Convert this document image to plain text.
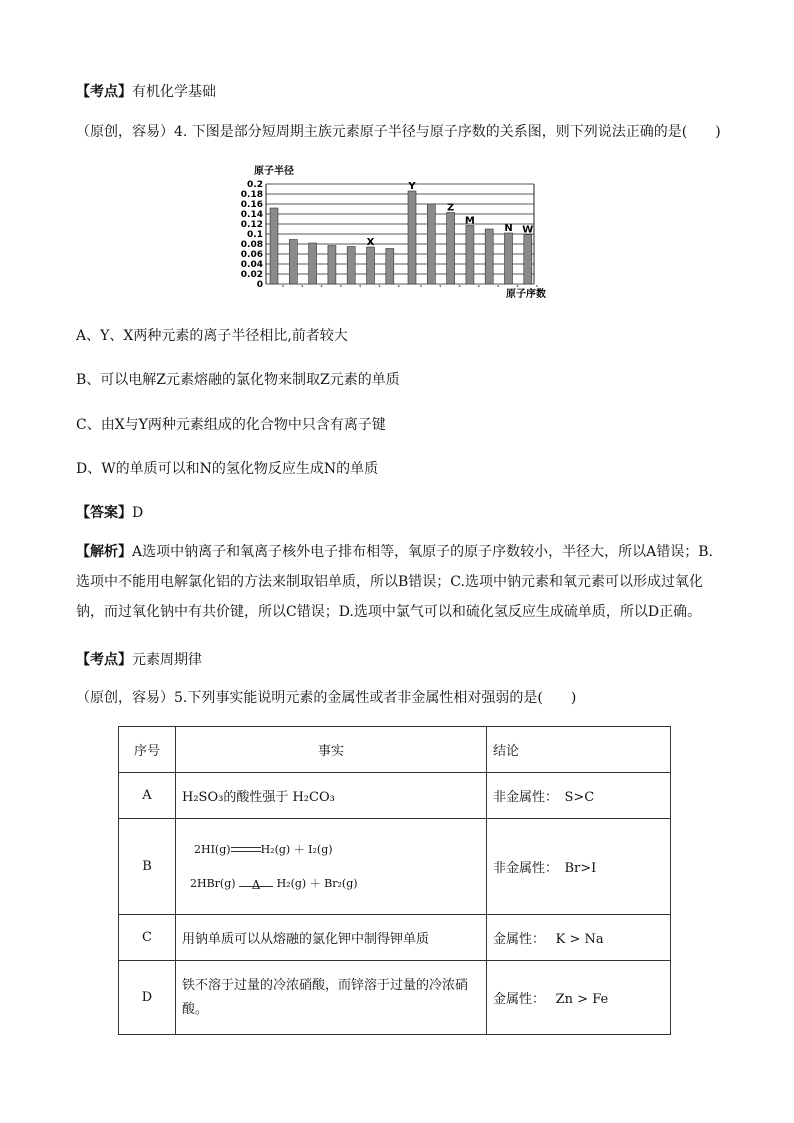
【考点】有机化学基础
（原创，容易）4. 下图是部分短周期主族元素原子半径与原子序数的关系图，则下列说法正确的是(　　)
0
0.02
0.04
0.06
0.08
0.1
0.12
0.14
0.16
0.18
0.2
X
Y
Z
M
N W
原子半径
原子序数
A、Y、X两种元素的离子半径相比,前者较大
B、可以电解Z元素熔融的氯化物来制取Z元素的单质
C、由X与Y两种元素组成的化合物中只含有离子键
D、W的单质可以和N的氢化物反应生成N的单质
【答案】D
【解析】A选项中钠离子和氧离子核外电子排布相等，氧原子的原子序数较小，半径大，所以A错误；B.选项中不能用电解氯化铝的方法来制取铝单质，所以B错误；C.选项中钠元素和氧元素可以形成过氧化钠，而过氧化钠中有共价键，所以C错误；D.选项中氯气可以和硫化氢反应生成硫单质，所以D正确。
【考点】元素周期律
（原创，容易）5.下列事实能说明元素的金属性或者非金属性相对强弱的是(　　)
序号	事实	结论
A	H₂SO₃的酸性强于 H₂CO₃	非金属性：　S>C
B	2HI(g) H₂(g) ＋ I₂(g)
2HBr(g) Δ H₂(g) ＋ Br₂(g)	非金属性：　Br>I
C	用钠单质可以从熔融的氯化钾中制得钾单质	金属性：　 K > Na
D	铁不溶于过量的冷浓硝酸，而锌溶于过量的冷浓硝酸。	金属性：　 Zn > Fe
